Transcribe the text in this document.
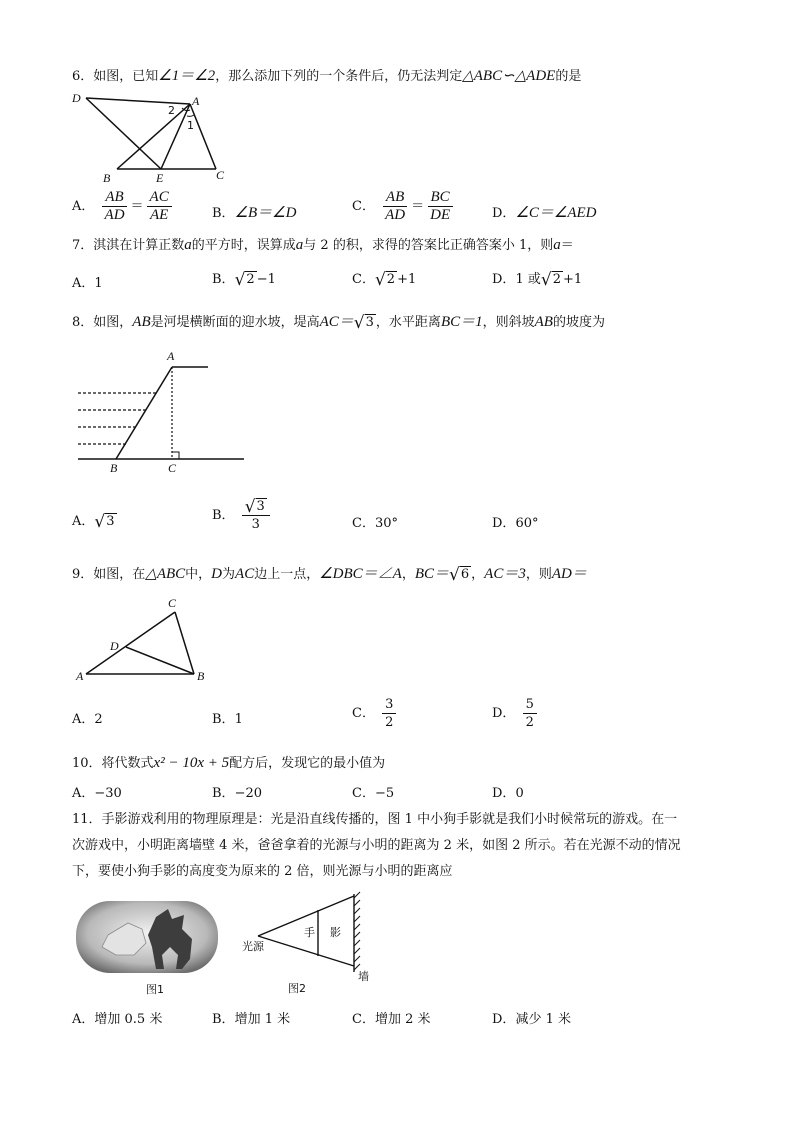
6．如图，已知∠1＝∠2，那么添加下列的一个条件后，仍无法判定△ABC∽△ADE的是
D	A
2
1
B	E	C
A． $\frac{AB}{AD} = \frac{AC}{AE}$	B．∠B＝∠D	C． $\frac{AB}{AD} = \frac{BC}{DE}$	D．∠C＝∠AED
7．淇淇在计算正数a的平方时，误算成a与 2 的积，求得的答案比正确答案小 1，则a＝
A．1	B． √ 2 −1	C． √ 2 +1	D．1 或 √ 2 +1
8．如图，AB是河堤横断面的迎水坡，堤高AC＝ √ 3 ，水平距离BC＝1，则斜坡AB的坡度为
A
B	C
A． √ 3	B． $\frac{√ 3}{3}$	C．30°	D．60°
9．如图，在△ABC中，D为AC边上一点，∠DBC＝∠A，BC＝ √ 6 ，AC＝3，则AD＝
C
D
A	B
A．2	B．1	C． $\frac{3}{2}$	D． $\frac{5}{2}$
10．将代数式x² − 10x + 5配方后，发现它的最小值为
A．−30	B．−20	C．−5	D．0
11．手影游戏利用的物理原理是：光是沿直线传播的，图 1 中小狗手影就是我们小时候常玩的游戏。在一
次游戏中，小明距离墙壁 4 米，爸爸拿着的光源与小明的距离为 2 米，如图 2 所示。若在光源不动的情况
下，要使小狗手影的高度变为原来的 2 倍，则光源与小明的距离应
图1
光源
手 影
墙
图2
A．增加 0.5 米	B．增加 1 米	C．增加 2 米	D．减少 1 米
